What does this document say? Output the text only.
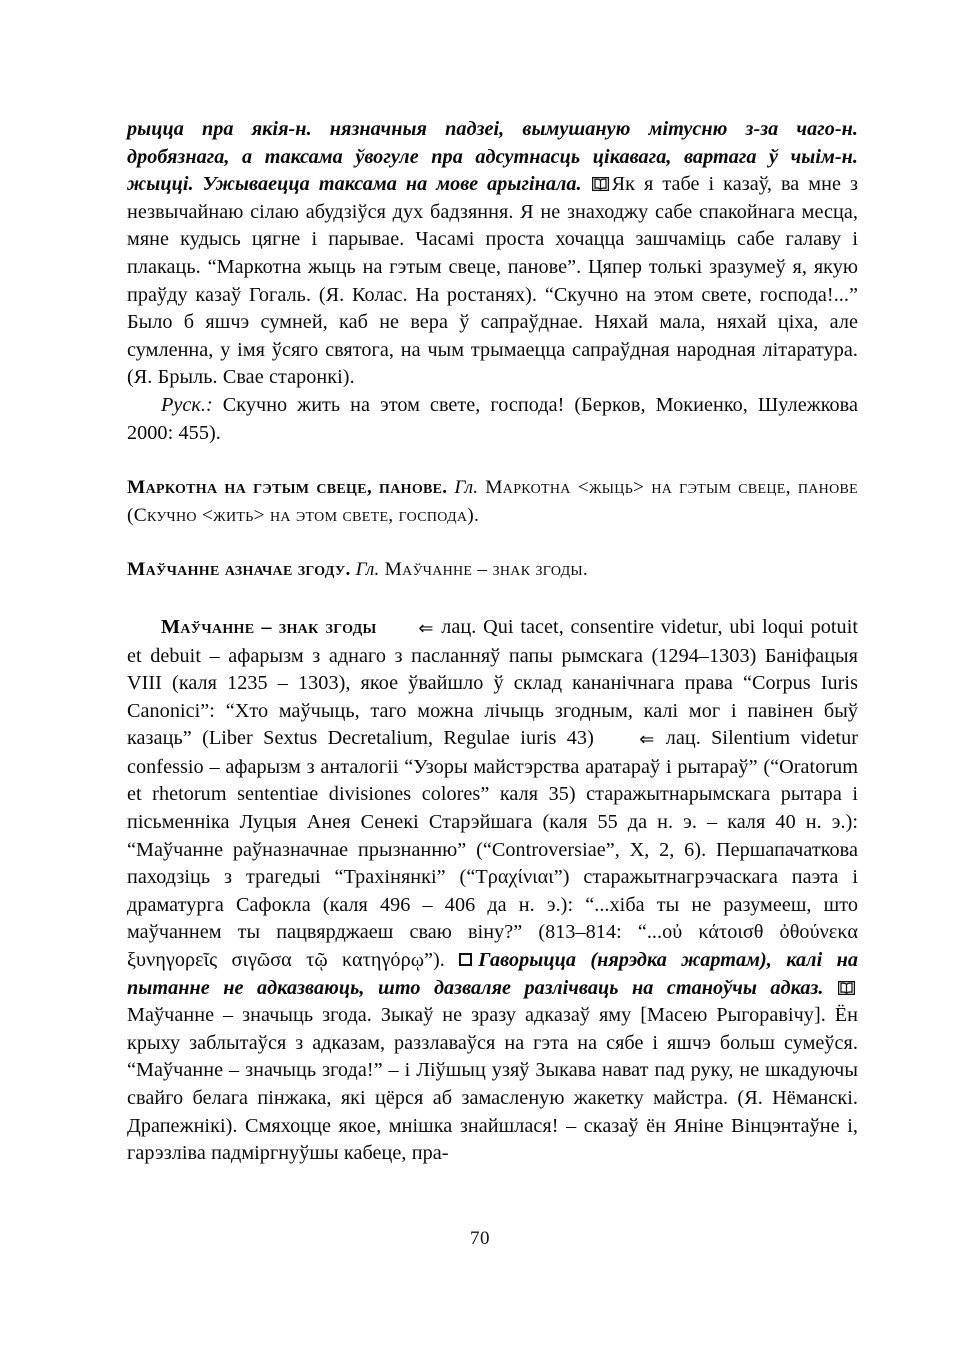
рыцца пра якія-н. нязначныя падзеі, вымушаную мітусню з-за чаго-н. дробязнага, а таксама ўвогуле пра адсутнасць цікавага, вартага ў чыім-н. жыцці. Ужываецца таксама на мове арыгінала. Як я табе і казаў, ва мне з незвычайнаю сілаю абудзіўся дух бадзяння. Я не знаходжу сабе спакойнага месца, мяне кудысь цягне і парывае. Часамі проста хочацца зашчаміць сабе галаву і плакаць. “Маркотна жыць на гэтым свеце, панове”. Цяпер толькі зразумеў я, якую праўду казаў Гогаль. (Я. Колас. На ростанях). “Скучно на этом свете, господа!...” Было б яшчэ сумней, каб не вера ў сапраўднае. Няхай мала, няхай ціха, але сумленна, у імя ўсяго святога, на чым трымаецца сапраўдная народная літаратура. (Я. Брыль. Свае старонкі).

Руск.: Скучно жить на этом свете, господа! (Берков, Мокиенко, Шулежкова 2000: 455).

Маркотна на гэтым свеце, панове. Гл. Маркотна <жыць> на гэтым свеце, панове (Скучно <жить> на этом свете, господа).

Маўчанне азначае згоду. Гл. Маўчанне – знак згоды.

Маўчанне – знак згоды ⇐ лац. Qui tacet, consentire videtur, ubi loqui potuit et debuit – афарызм з аднаго з пасланняў папы рымскага (1294–1303) Баніфацыя VIII (каля 1235 – 1303), якое ўвайшло ў склад кананічнага права “Corpus Iuris Canonici”: “Хто маўчыць, таго можна лічыць згодным, калі мог і павінен быў казаць” (Liber Sextus Decretalium, Regulae iuris 43)	⇐ лац. Silentium videtur confessio – афарызм з анталогіі “Узоры майстэрства аратараў і рытараў” (“Oratorum et rhetorum sententiae divisiones colores” каля 35) старажытнарымскага рытара і пісьменніка Луцыя Анея Сенекі Старэйшага (каля 55 да н. э. – каля 40 н. э.): “Маўчанне раўназначнае прызнанню” (“Controversiae”, X, 2, 6). Першапачаткова паходзіць з трагедыі “Трахінянкі” (“Τραχίνιαι”) старажытнагрэчаскага паэта і драматурга Сафокла (каля 496 – 406 да н. э.): “...хіба ты не разумееш, што маўчаннем ты пацвярджаеш сваю віну?” (813–814: “...οὐ κάτοισθ ὀθούνεκα ξυνηγορεῖς σιγῶσα τῷ κατηγόρῳ”). Гаворыцца (нярэдка жартам), калі на пытанне не адказваюць, што дазваляе разлічваць на станоўчы адказ.
Маўчанне – значыць згода. Зыкаў не зразу адказаў яму [Масею Рыгоравічу]. Ён крыху заблытаўся з адказам, раззлаваўся на гэта на сябе і яшчэ больш сумеўся. “Маўчанне – значыць згода!” – і Ліўшыц узяў Зыкава нават пад руку, не шкадуючы свайго белага пінжака, які цёрся аб замасленую жакетку майстра. (Я. Нёманскі. Драпежнікі). Смяхоцце якое, мнішка знайшлася! – сказаў ён Яніне Вінцэнтаўне і, гарэзліва падміргнуўшы кабеце, пра-

70
